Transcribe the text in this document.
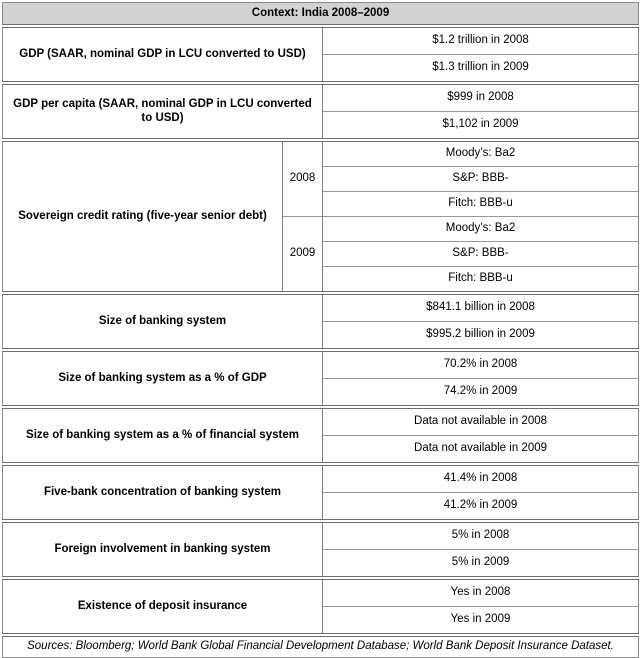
Context: India 2008–2009		
GDP (SAAR, nominal GDP in LCU converted to USD)		$1.2 trillion in 2008
		$1.3 trillion in 2009
GDP per capita (SAAR, nominal GDP in LCU converted to USD)		$999 in 2008
		$1,102 in 2009
Sovereign credit rating (five-year senior debt)	2008	Moody’s: Ba2
		S&P: BBB-
		Fitch: BBB-u
	2009	Moody’s: Ba2
		S&P: BBB-
		Fitch: BBB-u
Size of banking system		$841.1 billion in 2008
		$995.2 billion in 2009
Size of banking system as a % of GDP		70.2% in 2008
		74.2% in 2009
Size of banking system as a % of financial system		Data not available in 2008
		Data not available in 2009
Five-bank concentration of banking system		41.4% in 2008
		41.2% in 2009
Foreign involvement in banking system		5% in 2008
		5% in 2009
Existence of deposit insurance		Yes in 2008
		Yes in 2009
Sources: Bloomberg; World Bank Global Financial Development Database; World Bank Deposit Insurance Dataset.		
